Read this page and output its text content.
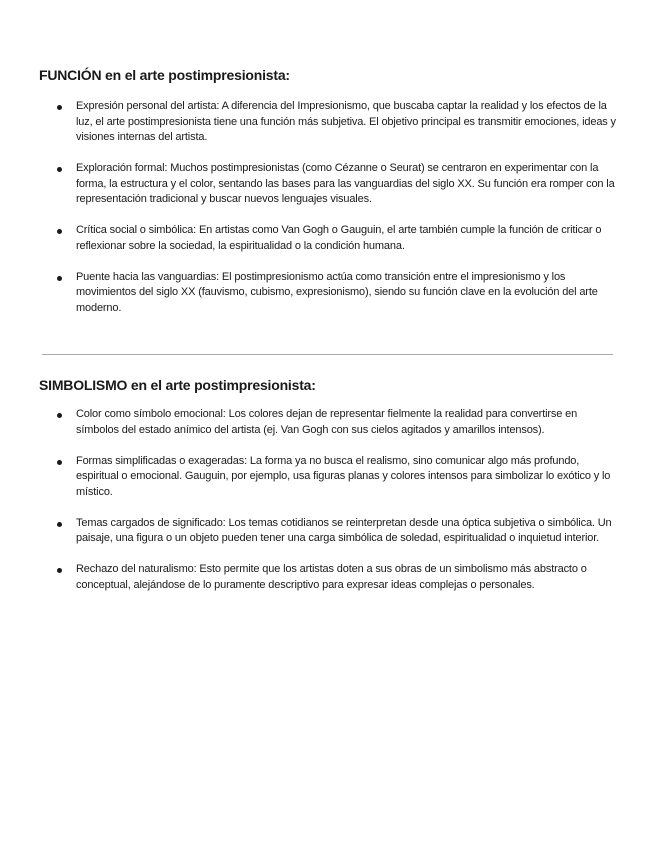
FUNCIÓN en el arte postimpresionista:
Expresión personal del artista: A diferencia del Impresionismo, que buscaba captar la realidad y los efectos de la luz, el arte postimpresionista tiene una función más subjetiva. El objetivo principal es transmitir emociones, ideas y visiones internas del artista.
Exploración formal: Muchos postimpresionistas (como Cézanne o Seurat) se centraron en experimentar con la forma, la estructura y el color, sentando las bases para las vanguardias del siglo XX. Su función era romper con la representación tradicional y buscar nuevos lenguajes visuales.
Crítica social o simbólica: En artistas como Van Gogh o Gauguin, el arte también cumple la función de criticar o reflexionar sobre la sociedad, la espiritualidad o la condición humana.
Puente hacia las vanguardias: El postimpresionismo actúa como transición entre el impresionismo y los movimientos del siglo XX (fauvismo, cubismo, expresionismo), siendo su función clave en la evolución del arte moderno.
SIMBOLISMO en el arte postimpresionista:
Color como símbolo emocional: Los colores dejan de representar fielmente la realidad para convertirse en símbolos del estado anímico del artista (ej. Van Gogh con sus cielos agitados y amarillos intensos).
Formas simplificadas o exageradas: La forma ya no busca el realismo, sino comunicar algo más profundo, espiritual o emocional. Gauguin, por ejemplo, usa figuras planas y colores intensos para simbolizar lo exótico y lo místico.
Temas cargados de significado: Los temas cotidianos se reinterpretan desde una óptica subjetiva o simbólica. Un paisaje, una figura o un objeto pueden tener una carga simbólica de soledad, espiritualidad o inquietud interior.
Rechazo del naturalismo: Esto permite que los artistas doten a sus obras de un simbolismo más abstracto o conceptual, alejándose de lo puramente descriptivo para expresar ideas complejas o personales.
